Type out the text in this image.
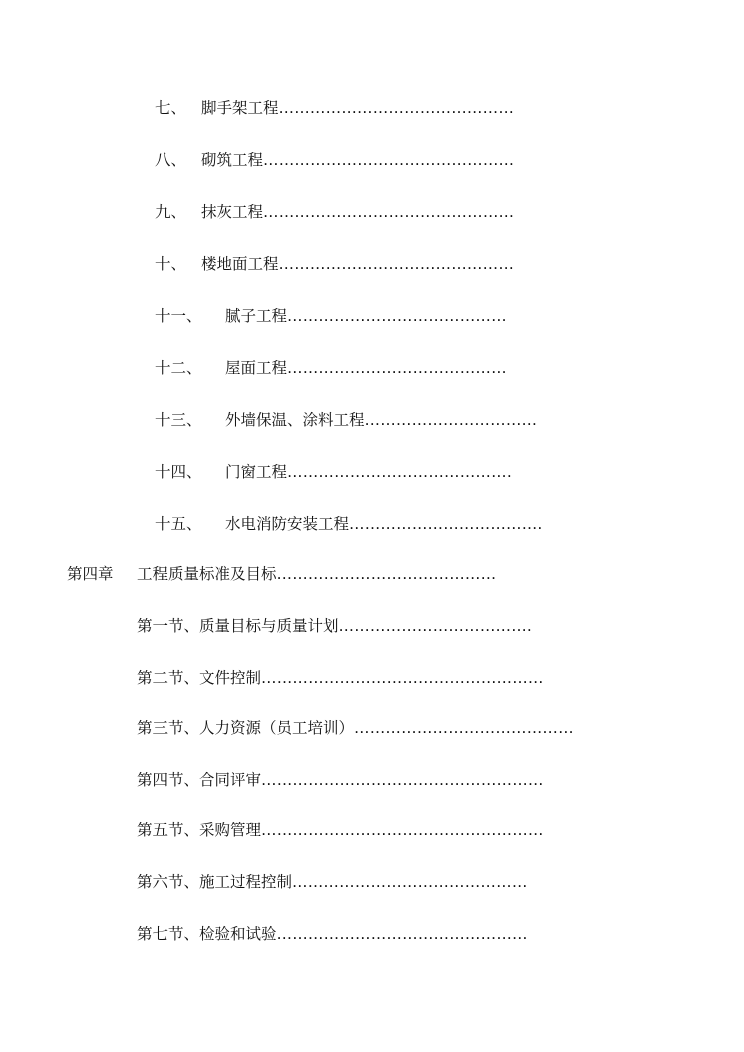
七、 脚手架工程………………………………………
八、 砌筑工程…………………………………………
九、 抹灰工程…………………………………………
十、 楼地面工程………………………………………
十一、 腻子工程……………………………………
十二、 屋面工程……………………………………
十三、 外墙保温、涂料工程……………………………
十四、 门窗工程…………………………………….
十五、 水电消防安装工程……………………………….
第四章 工程质量标准及目标……………………………………
第一节、质量目标与质量计划……………………………….
第二节、文件控制………………………………………………
第三节、人力资源（员工培训）……………………………………
第四节、合同评审………………………………………………
第五节、采购管理………………………………………………
第六节、施工过程控制………………………………………
第七节、检验和试验…………………………………………
